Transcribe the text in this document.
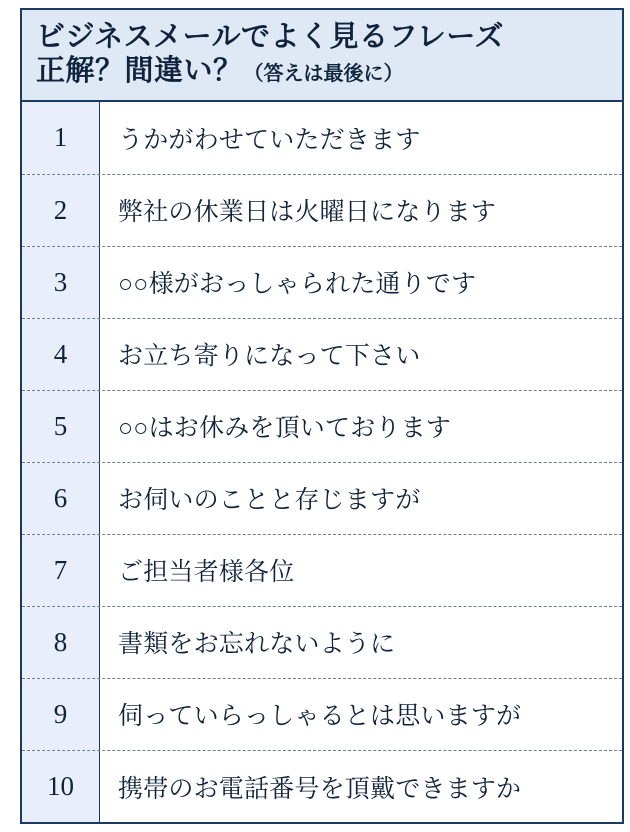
ビジネスメールでよく見るフレーズ
正解？間違い？ （答えは最後に）
1	うかがわせていただきます
2	弊社の休業日は火曜日になります
3	○○様がおっしゃられた通りです
4	お立ち寄りになって下さい
5	○○はお休みを頂いております
6	お伺いのことと存じますが
7	ご担当者様各位
8	書類をお忘れないように
9	伺っていらっしゃるとは思いますが
10	携帯のお電話番号を頂戴できますか
